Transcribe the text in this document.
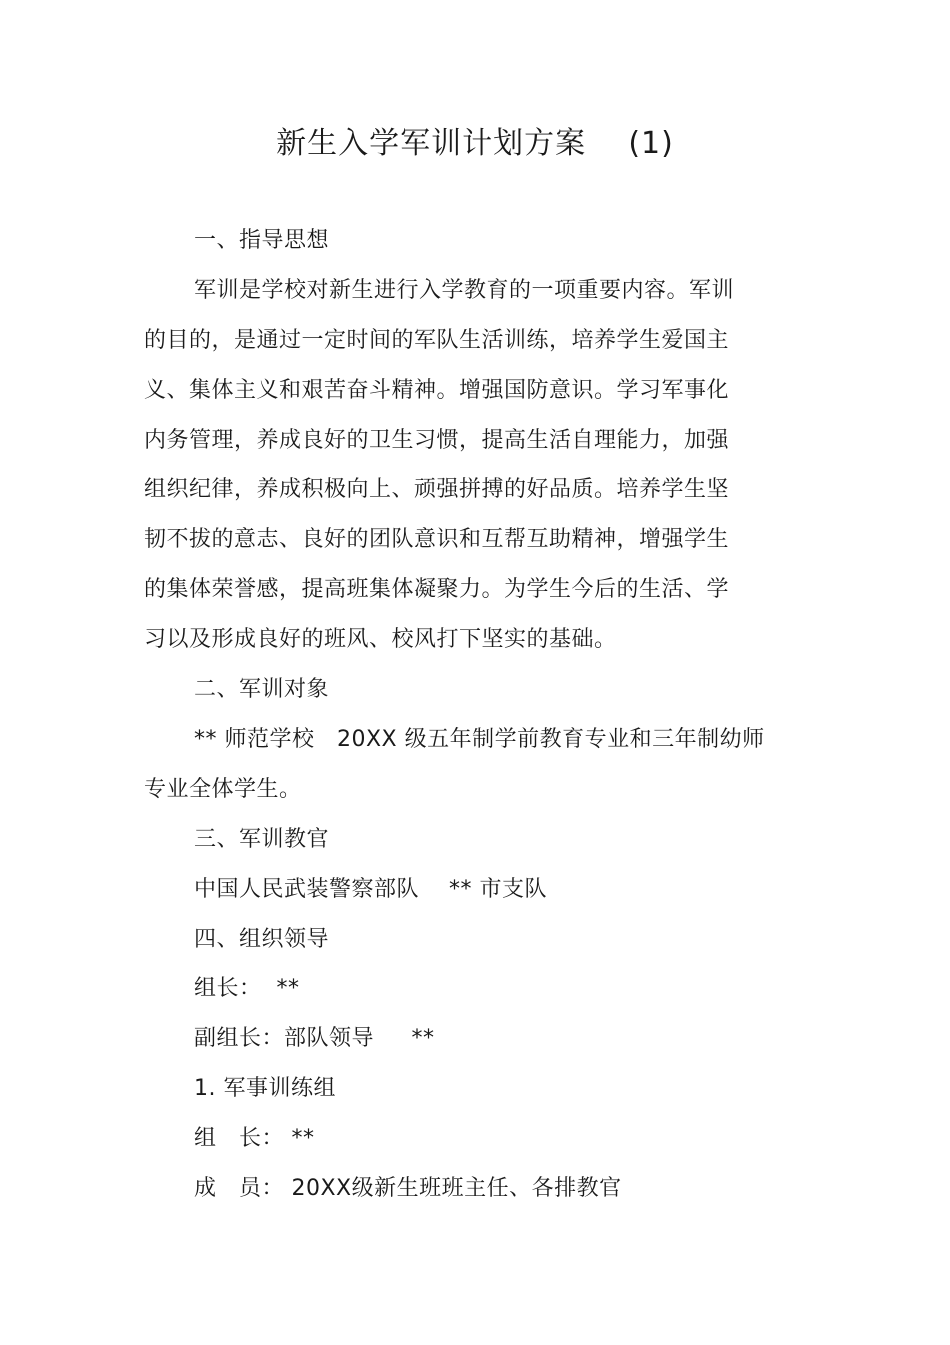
新生入学军训计划方案    (1)
一、指导思想
军训是学校对新生进行入学教育的一项重要内容。军训
的目的，是通过一定时间的军队生活训练，培养学生爱国主
义、集体主义和艰苦奋斗精神。增强国防意识。学习军事化
内务管理，养成良好的卫生习惯，提高生活自理能力，加强
组织纪律，养成积极向上、顽强拼搏的好品质。培养学生坚
韧不拔的意志、良好的团队意识和互帮互助精神，增强学生
的集体荣誉感，提高班集体凝聚力。为学生今后的生活、学
习以及形成良好的班风、校风打下坚实的基础。
二、军训对象
** 师范学校   20XX 级五年制学前教育专业和三年制幼师
专业全体学生。
三、军训教官
中国人民武装警察部队    ** 市支队
四、组织领导
组长：  **
副组长：部队领导     **
1. 军事训练组
组   长： **
成   员： 20XX级新生班班主任、各排教官
